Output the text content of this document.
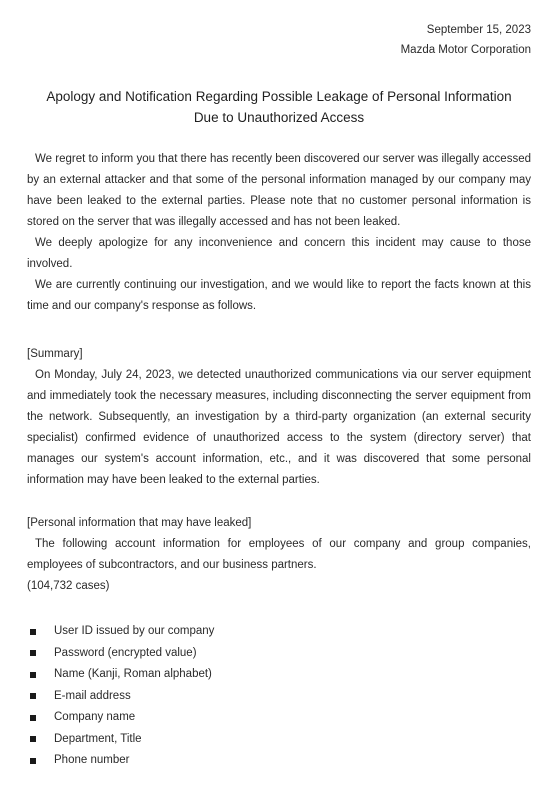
September 15, 2023
Mazda Motor Corporation
Apology and Notification Regarding Possible Leakage of Personal Information
Due to Unauthorized Access

We regret to inform you that there has recently been discovered our server was illegally accessed by an external attacker and that some of the personal information managed by our company may have been leaked to the external parties. Please note that no customer personal information is stored on the server that was illegally accessed and has not been leaked.

We deeply apologize for any inconvenience and concern this incident may cause to those involved.

We are currently continuing our investigation, and we would like to report the facts known at this time and our company's response as follows.

[Summary]

On Monday, July 24, 2023, we detected unauthorized communications via our server equipment and immediately took the necessary measures, including disconnecting the server equipment from the network. Subsequently, an investigation by a third-party organization (an external security specialist) confirmed evidence of unauthorized access to the system (directory server) that manages our system's account information, etc., and it was discovered that some personal information may have been leaked to the external parties.

[Personal information that may have leaked]

The following account information for employees of our company and group companies, employees of subcontractors, and our business partners.

(104,732 cases)

User ID issued by our company
Password (encrypted value)
Name (Kanji, Roman alphabet)
E-mail address
Company name
Department, Title
Phone number
